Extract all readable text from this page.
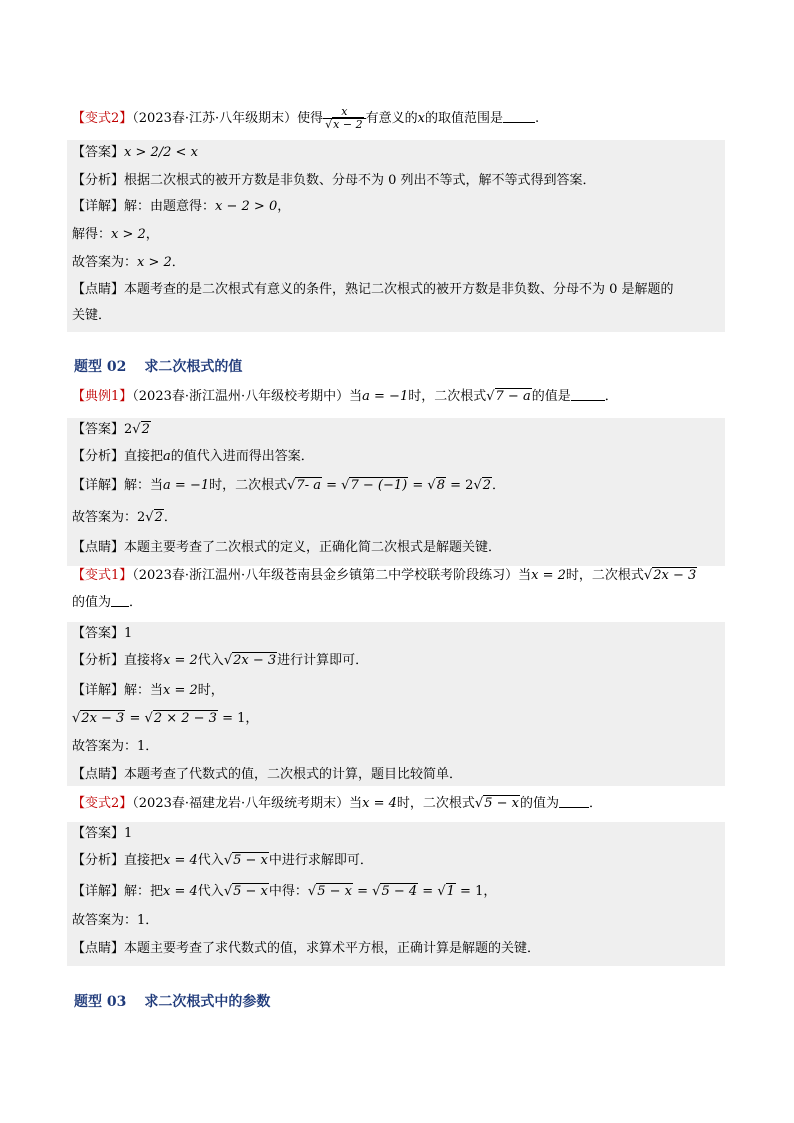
【变式2】（2023春·江苏·八年级期末）使得 $\frac{x}{√x - 2}$ 有意义的x的取值范围是 .
【答案】x > 2/2 < x
【分析】根据二次根式的被开方数是非负数、分母不为 0 列出不等式，解不等式得到答案．
【详解】解：由题意得：x − 2 > 0，
解得：x > 2，
故答案为：x > 2．
【点睛】本题考查的是二次根式有意义的条件，熟记二次根式的被开方数是非负数、分母不为 0 是解题的
关键．
题型 02 求二次根式的值
【典例1】（2023春·浙江温州·八年级校考期中）当a = −1时，二次根式√7 − a的值是	．
【答案】2√2
【分析】直接把a的值代入进而得出答案．
【详解】解：当a = −1时，二次根式√7- a = √7 − (−1) = √8 = 2√2．
故答案为：2√2．
【点睛】本题主要考查了二次根式的定义，正确化简二次根式是解题关键．
【变式1】（2023春·浙江温州·八年级苍南县金乡镇第二中学校联考阶段练习）当x = 2时，二次根式√2x − 3
的值为 ．
【答案】1
【分析】直接将x = 2代入√2x − 3进行计算即可．
【详解】解：当x = 2时，
√2x − 3 = √2 × 2 − 3 = 1，
故答案为：1．
【点睛】本题考查了代数式的值，二次根式的计算，题目比较简单．
【变式2】（2023春·福建龙岩·八年级统考期末）当x = 4时，二次根式√5 − x的值为 ．
【答案】1
【分析】直接把x = 4代入√5 − x中进行求解即可．
【详解】解：把x = 4代入√5 − x中得：√5 − x = √5 − 4 = √1 = 1，
故答案为：1．
【点睛】本题主要考查了求代数式的值，求算术平方根，正确计算是解题的关键．
题型 03 求二次根式中的参数
